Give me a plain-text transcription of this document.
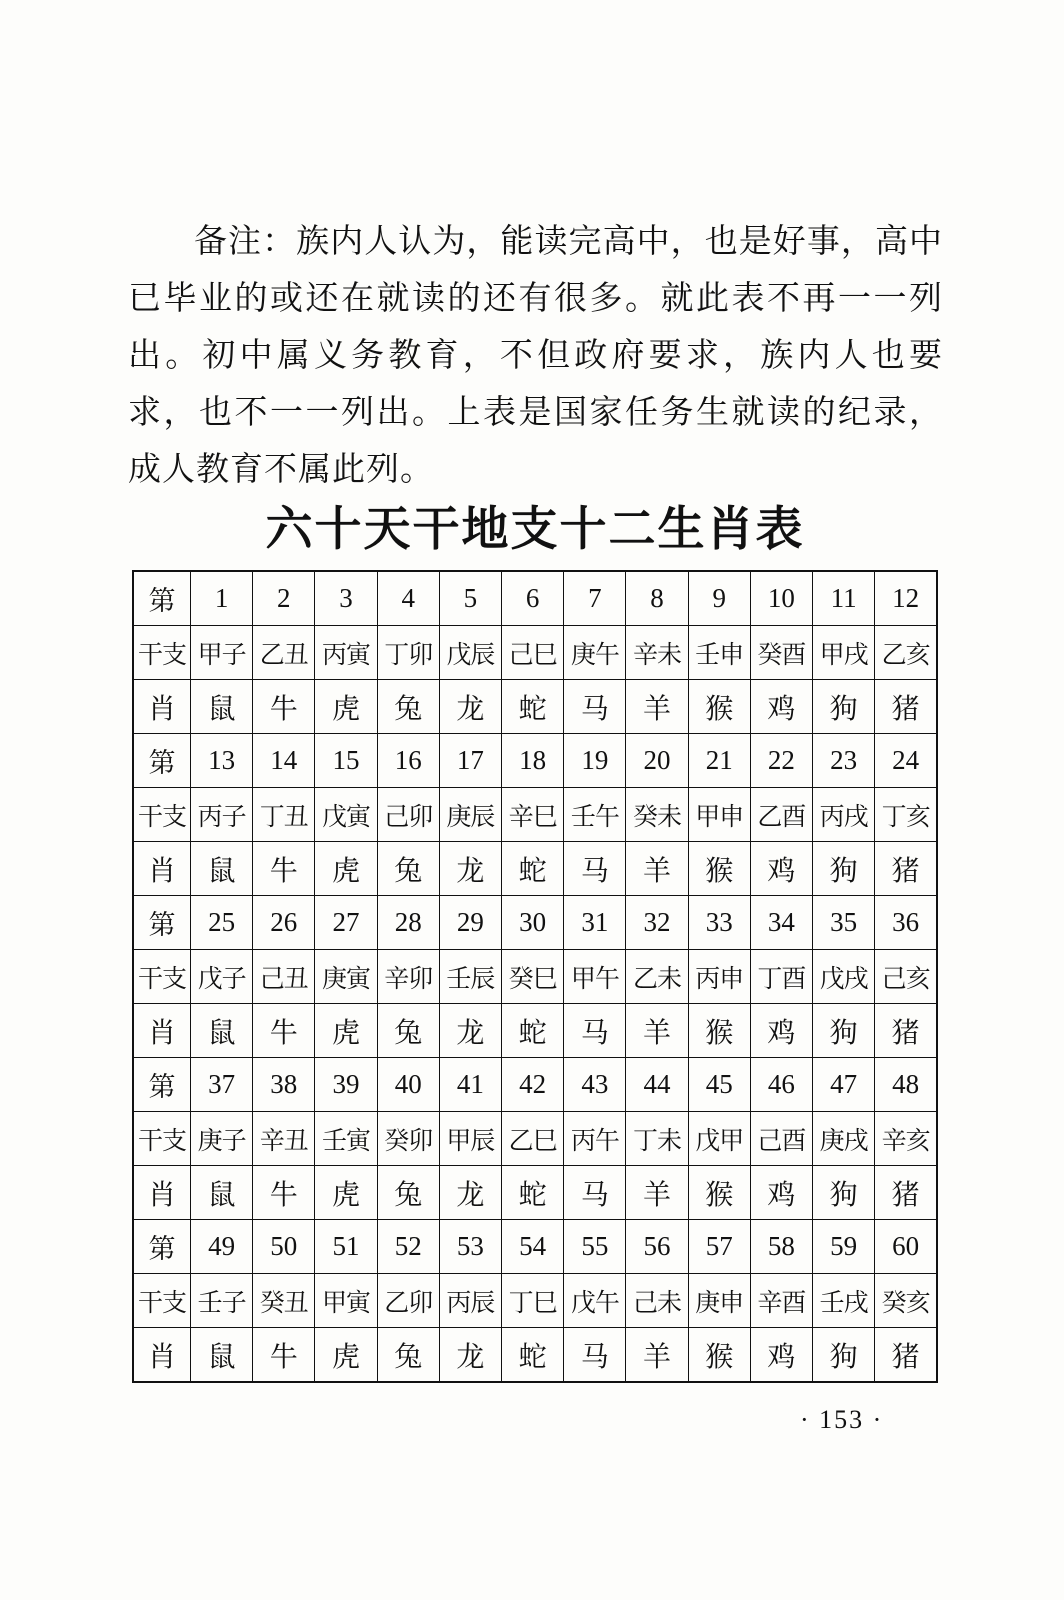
备注：族内人认为，能读完高中，也是好事，高中已毕业的或还在就读的还有很多。就此表不再一一列出。初中属义务教育，不但政府要求，族内人也要求，也不一一列出。上表是国家任务生就读的纪录，成人教育不属此列。

六十天干地支十二生肖表
第	1	2	3	4	5	6	7	8	9	10	11	12
干支	甲子	乙丑	丙寅	丁卯	戊辰	己巳	庚午	辛未	壬申	癸酉	甲戌	乙亥
肖	鼠	牛	虎	兔	龙	蛇	马	羊	猴	鸡	狗	猪
第	13	14	15	16	17	18	19	20	21	22	23	24
干支	丙子	丁丑	戊寅	己卯	庚辰	辛巳	壬午	癸未	甲申	乙酉	丙戌	丁亥
肖	鼠	牛	虎	兔	龙	蛇	马	羊	猴	鸡	狗	猪
第	25	26	27	28	29	30	31	32	33	34	35	36
干支	戊子	己丑	庚寅	辛卯	壬辰	癸巳	甲午	乙未	丙申	丁酉	戊戌	己亥
肖	鼠	牛	虎	兔	龙	蛇	马	羊	猴	鸡	狗	猪
第	37	38	39	40	41	42	43	44	45	46	47	48
干支	庚子	辛丑	壬寅	癸卯	甲辰	乙巳	丙午	丁未	戊甲	己酉	庚戌	辛亥
肖	鼠	牛	虎	兔	龙	蛇	马	羊	猴	鸡	狗	猪
第	49	50	51	52	53	54	55	56	57	58	59	60
干支	壬子	癸丑	甲寅	乙卯	丙辰	丁巳	戊午	己未	庚申	辛酉	壬戌	癸亥
肖	鼠	牛	虎	兔	龙	蛇	马	羊	猴	鸡	狗	猪
· 153 ·
